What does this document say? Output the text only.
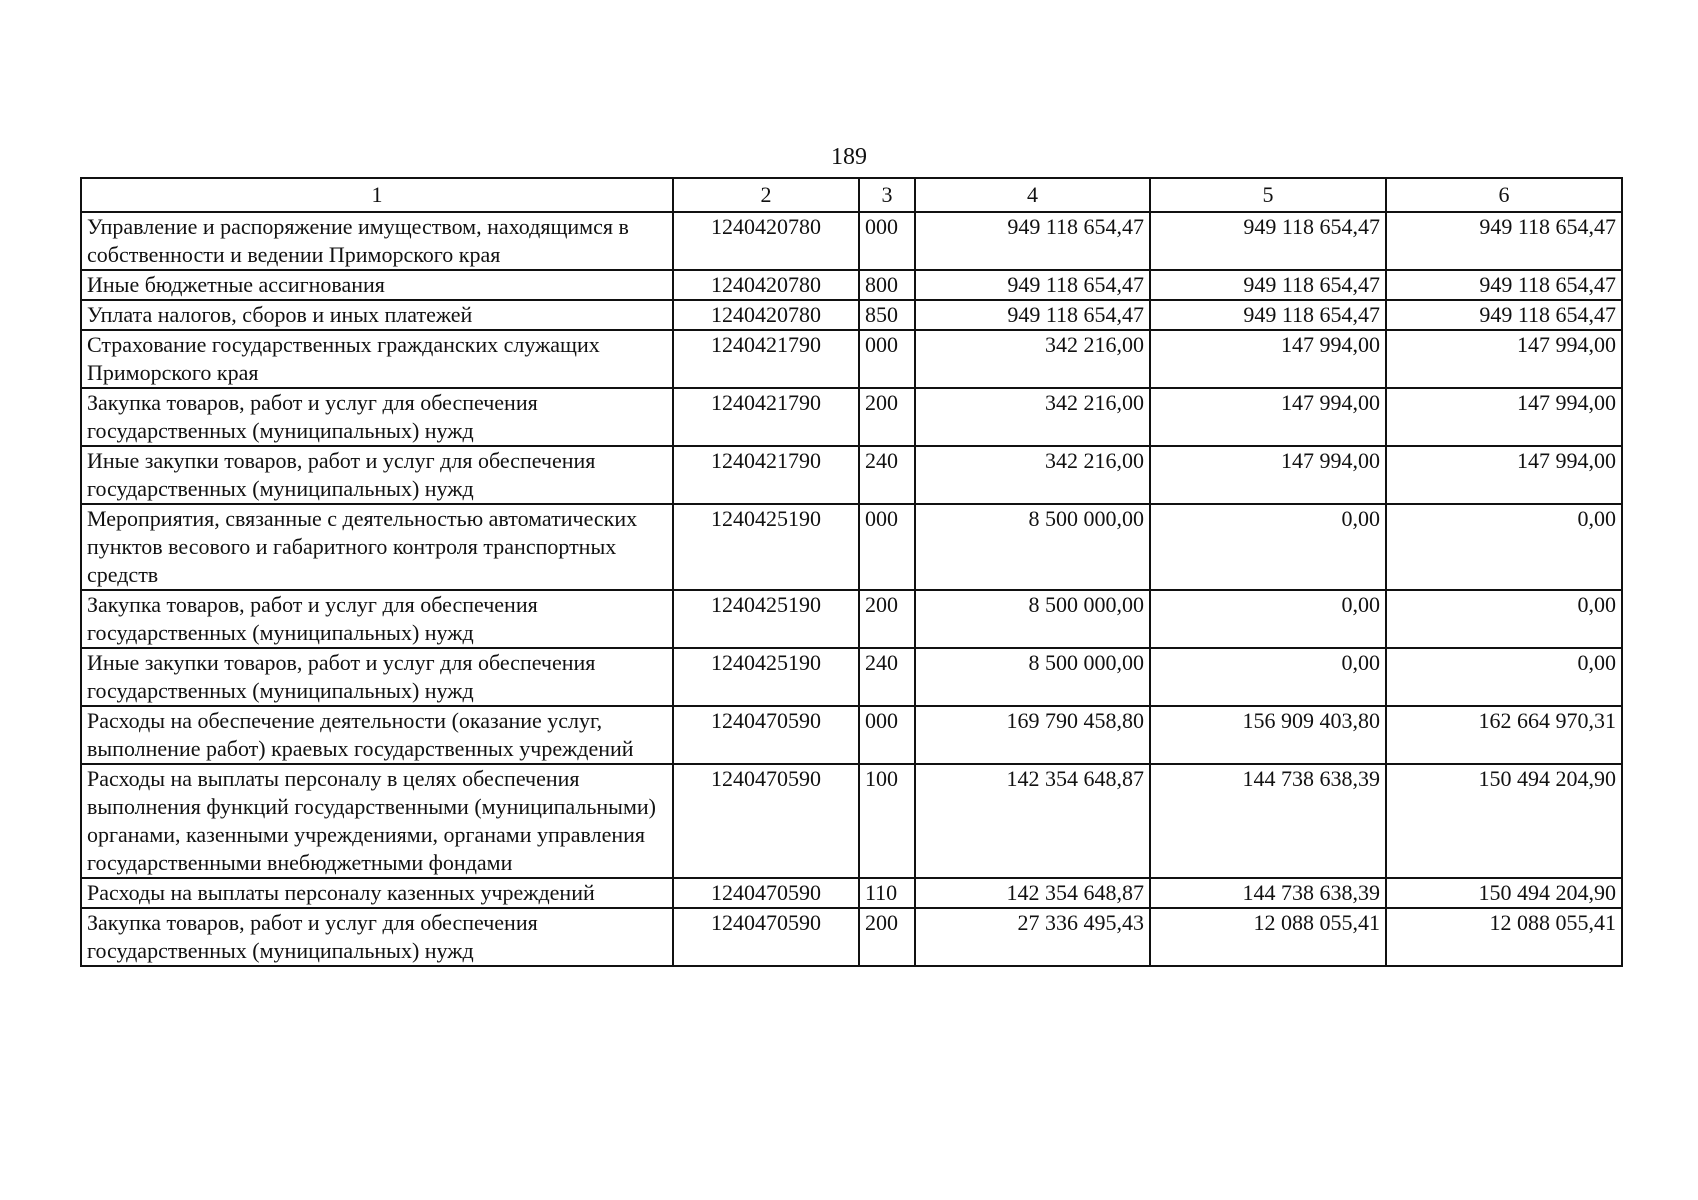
189
1	2	3	4	5	6
Управление и распоряжение имуществом, находящимся в собственности и ведении Приморского края	1240420780	000	949 118 654,47	949 118 654,47	949 118 654,47
Иные бюджетные ассигнования	1240420780	800	949 118 654,47	949 118 654,47	949 118 654,47
Уплата налогов, сборов и иных платежей	1240420780	850	949 118 654,47	949 118 654,47	949 118 654,47
Страхование государственных гражданских служащих Приморского края	1240421790	000	342 216,00	147 994,00	147 994,00
Закупка товаров, работ и услуг для обеспечения государственных (муниципальных) нужд	1240421790	200	342 216,00	147 994,00	147 994,00
Иные закупки товаров, работ и услуг для обеспечения государственных (муниципальных) нужд	1240421790	240	342 216,00	147 994,00	147 994,00
Мероприятия, связанные с деятельностью автоматических пунктов весового и габаритного контроля транспортных средств	1240425190	000	8 500 000,00	0,00	0,00
Закупка товаров, работ и услуг для обеспечения государственных (муниципальных) нужд	1240425190	200	8 500 000,00	0,00	0,00
Иные закупки товаров, работ и услуг для обеспечения государственных (муниципальных) нужд	1240425190	240	8 500 000,00	0,00	0,00
Расходы на обеспечение деятельности (оказание услуг, выполнение работ) краевых государственных учреждений	1240470590	000	169 790 458,80	156 909 403,80	162 664 970,31
Расходы на выплаты персоналу в целях обеспечения выполнения функций государственными (муниципальными) органами, казенными учреждениями, органами управления государственными внебюджетными фондами	1240470590	100	142 354 648,87	144 738 638,39	150 494 204,90
Расходы на выплаты персоналу казенных учреждений	1240470590	110	142 354 648,87	144 738 638,39	150 494 204,90
Закупка товаров, работ и услуг для обеспечения государственных (муниципальных) нужд	1240470590	200	27 336 495,43	12 088 055,41	12 088 055,41
